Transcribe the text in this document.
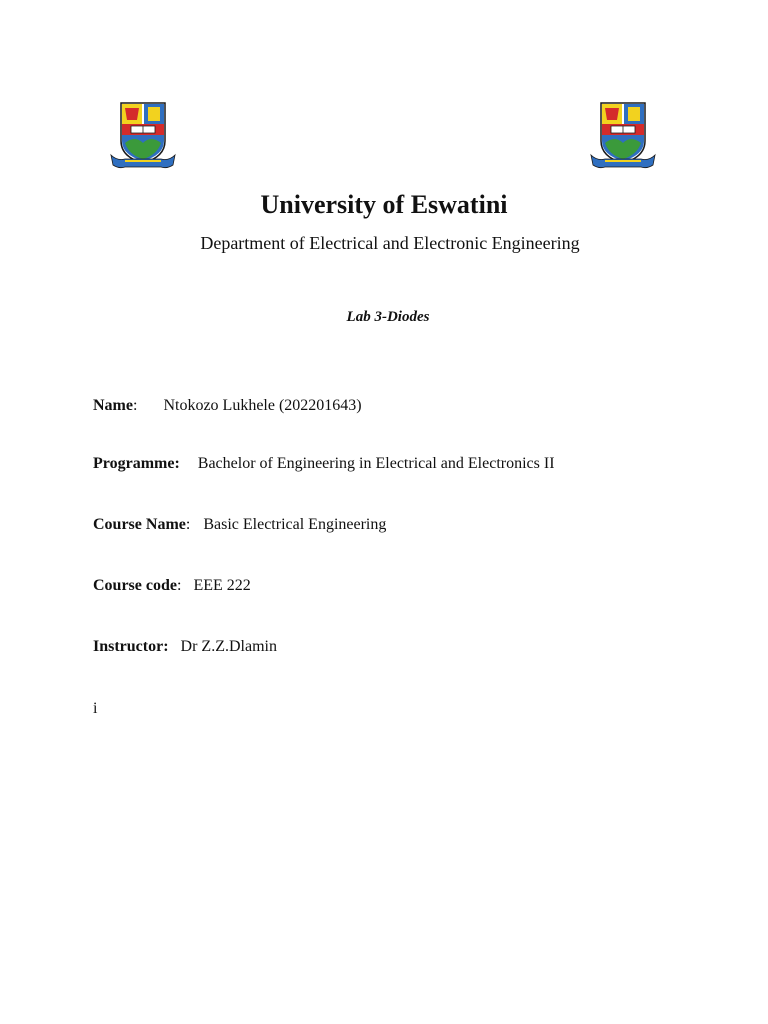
University of Eswatini
Department of Electrical and Electronic Engineering

Lab 3-Diodes

Name: Ntokozo Lukhele (202201643)
Programme: Bachelor of Engineering in Electrical and Electronics II
Course Name: Basic Electrical Engineering
Course code: EEE 222
Instructor: Dr Z.Z.Dlamin
i
